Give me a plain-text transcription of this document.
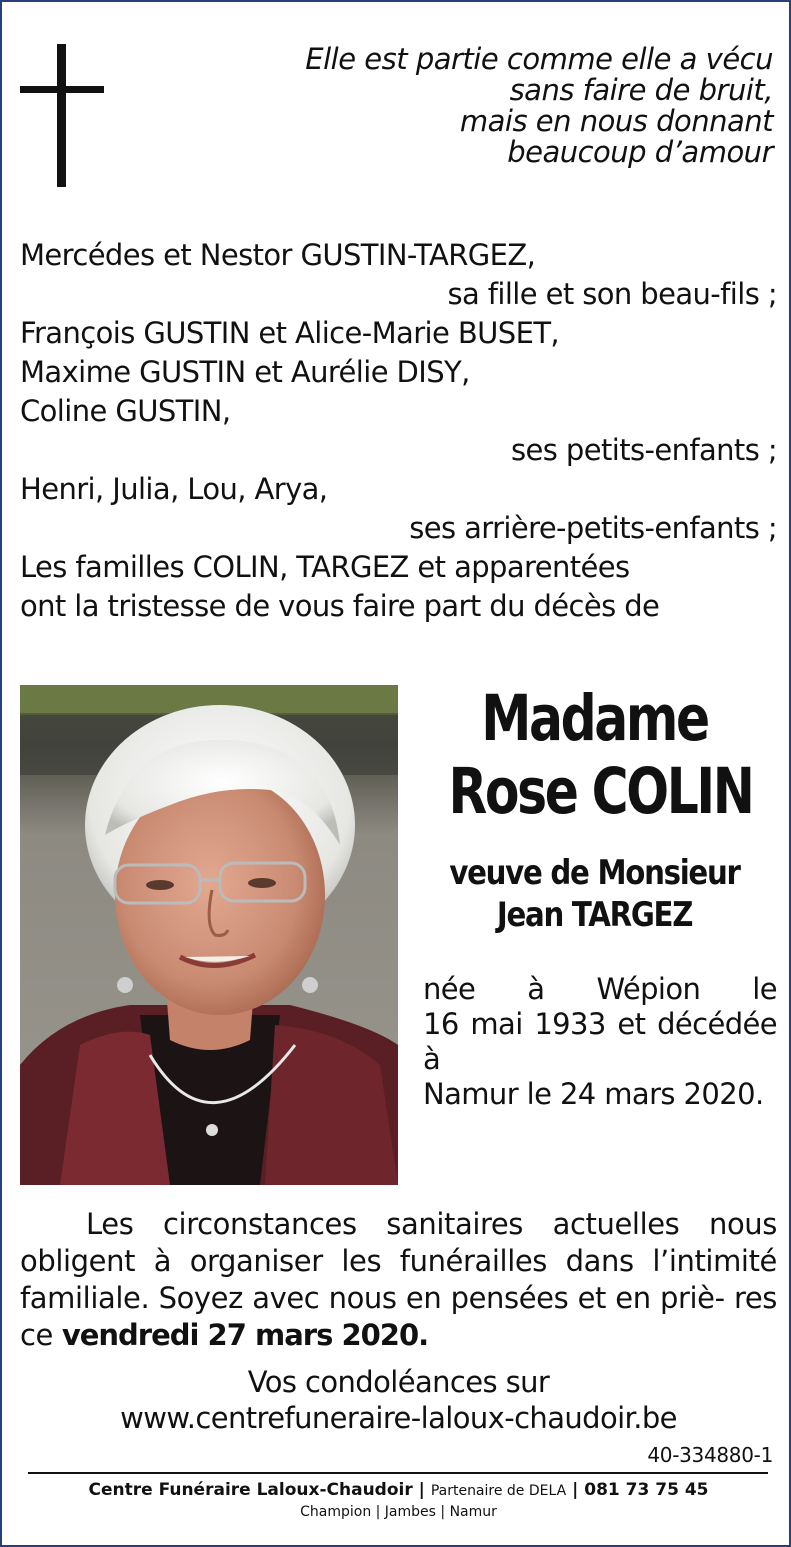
Elle est partie comme elle a vécu
sans faire de bruit,
mais en nous donnant
beaucoup d’amour
Mercédes et Nestor GUSTIN-TARGEZ,
sa fille et son beau-fils ;
François GUSTIN et Alice-Marie BUSET,
Maxime GUSTIN et Aurélie DISY,
Coline GUSTIN,
ses petits-enfants ;
Henri, Julia, Lou, Arya,
ses arrière-petits-enfants ;
Les familles COLIN, TARGEZ et apparentées
ont la tristesse de vous faire part du décès de
Madame
Rose COLIN
veuve de Monsieur
Jean TARGEZ
née à Wépion le
16 mai 1933 et décédée à
Namur le 24 mars 2020.
Les circonstances sanitaires actuelles nous obligent à organiser les funérailles dans l’intimité familiale. Soyez avec nous en pensées et en priè- res ce vendredi 27 mars 2020.
Vos condoléances sur
www.centrefuneraire-laloux-chaudoir.be
40-334880-1
Centre Funéraire Laloux-Chaudoir | Partenaire de DELA | 081 73 75 45
Champion | Jambes | Namur
